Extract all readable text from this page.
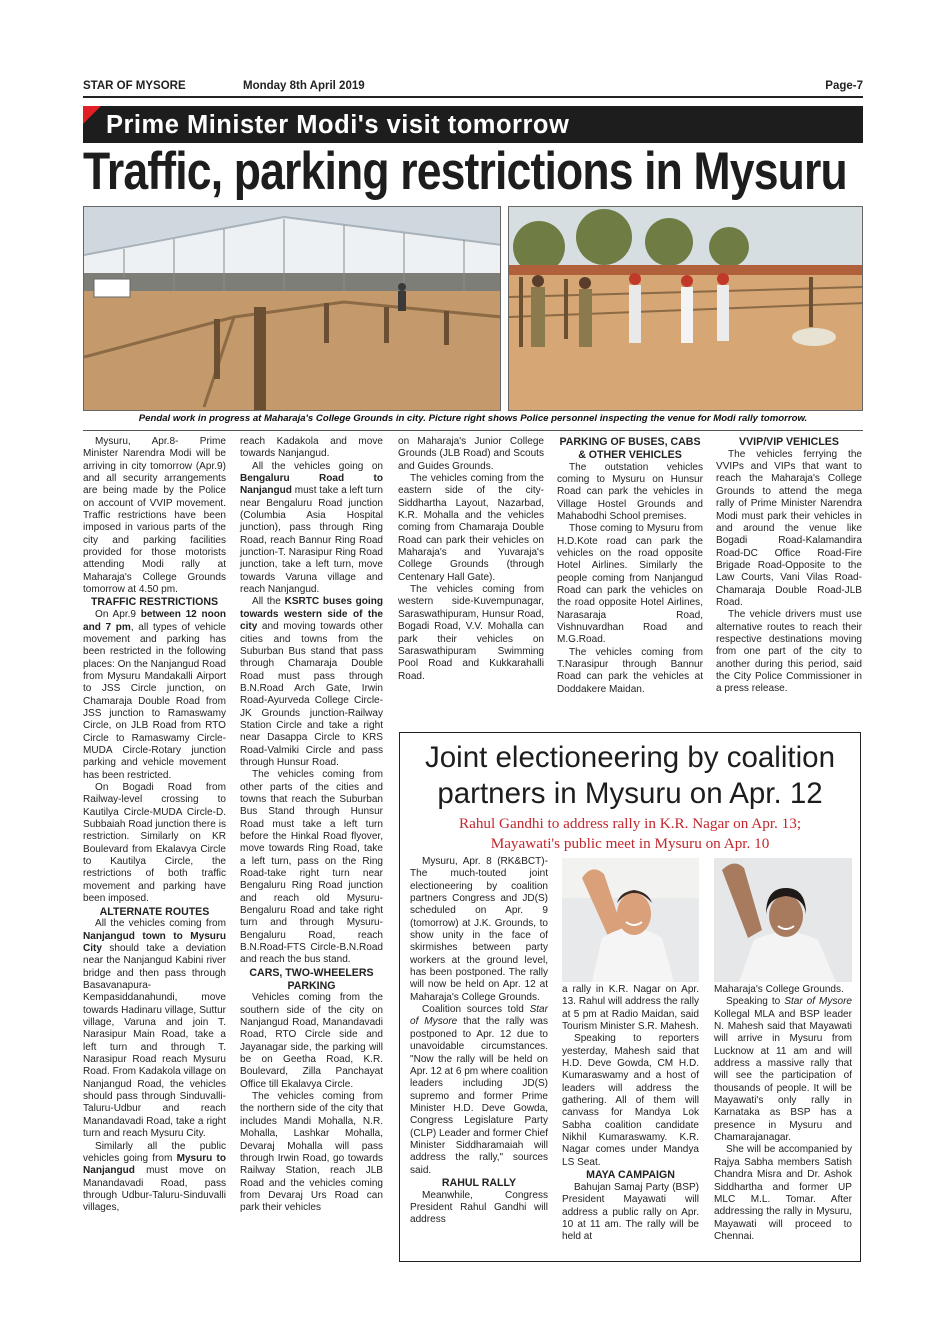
STAR OF MYSORE	Monday 8th April 2019	Page-7
Prime Minister Modi's visit tomorrow
Traffic, parking restrictions in Mysuru
Pendal work in progress at Maharaja's College Grounds in city. Picture right shows Police personnel inspecting the venue for Modi rally tomorrow.

Mysuru, Apr.8- Prime Minister Narendra Modi will be arriving in city tomorrow (Apr.9) and all security arrangements are being made by the Police on account of VVIP movement. Traffic restrictions have been imposed in various parts of the city and parking facilities provided for those motorists attending Modi rally at Maharaja's College Grounds tomorrow at 4.50 pm.

TRAFFIC RESTRICTIONS

On Apr.9 between 12 noon and 7 pm, all types of vehicle movement and parking has been restricted in the following places: On the Nanjangud Road from Mysuru Mandakalli Airport to JSS Circle junction, on Chamaraja Double Road from JSS junction to Ramaswamy Circle, on JLB Road from RTO Circle to Ramaswamy Circle-MUDA Circle-Rotary junction parking and vehicle movement has been restricted.

On Bogadi Road from Railway-level crossing to Kautilya Circle-MUDA Circle-D. Subbaiah Road junction there is restriction. Similarly on KR Boulevard from Ekalavya Circle to Kautilya Circle, the restrictions of both traffic movement and parking have been imposed.

ALTERNATE ROUTES

All the vehicles coming from Nanjangud town to Mysuru City should take a deviation near the Nanjangud Kabini river bridge and then pass through Basavanapura-Kempasiddanahundi, move towards Hadinaru village, Suttur village, Varuna and join T. Narasipur Main Road, take a left turn and through T. Narasipur Road reach Mysuru Road. From Kadakola village on Nanjangud Road, the vehicles should pass through Sinduvalli-Taluru-Udbur and reach Manandavadi Road, take a right turn and reach Mysuru City.

Similarly all the public vehicles going from Mysuru to Nanjangud must move on Manandavadi Road, pass through Udbur-Taluru-Sinduvalli villages,

reach Kadakola and move towards Nanjangud.

All the vehicles going on Bengaluru Road to Nanjangud must take a left turn near Bengaluru Road junction (Columbia Asia Hospital junction), pass through Ring Road, reach Bannur Ring Road junction-T. Narasipur Ring Road junction, take a left turn, move towards Varuna village and reach Nanjangud.

All the KSRTC buses going towards western side of the city and moving towards other cities and towns from the Suburban Bus stand that pass through Chamaraja Double Road must pass through B.N.Road Arch Gate, Irwin Road-Ayurveda College Circle-JK Grounds junction-Railway Station Circle and take a right near Dasappa Circle to KRS Road-Valmiki Circle and pass through Hunsur Road.

The vehicles coming from other parts of the cities and towns that reach the Suburban Bus Stand through Hunsur Road must take a left turn before the Hinkal Road flyover, move towards Ring Road, take a left turn, pass on the Ring Road-take right turn near Bengaluru Ring Road junction and reach old Mysuru-Bengaluru Road and take right turn and through Mysuru-Bengaluru Road, reach B.N.Road-FTS Circle-B.N.Road and reach the bus stand.

CARS, TWO-WHEELERS PARKING

Vehicles coming from the southern side of the city on Nanjangud Road, Manandavadi Road, RTO Circle side and Jayanagar side, the parking will be on Geetha Road, K.R. Boulevard, Zilla Panchayat Office till Ekalavya Circle.

The vehicles coming from the northern side of the city that includes Mandi Mohalla, N.R. Mohalla, Lashkar Mohalla, Devaraj Mohalla will pass through Irwin Road, go towards Railway Station, reach JLB Road and the vehicles coming from Devaraj Urs Road can park their vehicles

on Maharaja's Junior College Grounds (JLB Road) and Scouts and Guides Grounds.

The vehicles coming from the eastern side of the city-Siddhartha Layout, Nazarbad, K.R. Mohalla and the vehicles coming from Chamaraja Double Road can park their vehicles on Maharaja's and Yuvaraja's College Grounds (through Centenary Hall Gate).

The vehicles coming from western side-Kuvempunagar, Saraswathipuram, Hunsur Road, Bogadi Road, V.V. Mohalla can park their vehicles on Saraswathipuram Swimming Pool Road and Kukkarahalli Road.

PARKING OF BUSES, CABS & OTHER VEHICLES

The outstation vehicles coming to Mysuru on Hunsur Road can park the vehicles in Village Hostel Grounds and Mahabodhi School premises.

Those coming to Mysuru from H.D.Kote road can park the vehicles on the road opposite Hotel Airlines. Similarly the people coming from Nanjangud Road can park the vehicles on the road opposite Hotel Airlines, Narasaraja Road, Vishnuvardhan Road and M.G.Road.

The vehicles coming from T.Narasipur through Bannur Road can park the vehicles at Doddakere Maidan.

VVIP/VIP VEHICLES

The vehicles ferrying the VVIPs and VIPs that want to reach the Maharaja's College Grounds to attend the mega rally of Prime Minister Narendra Modi must park their vehicles in and around the venue like Bogadi Road-Kalamandira Road-DC Office Road-Fire Brigade Road-Opposite to the Law Courts, Vani Vilas Road-Chamaraja Double Road-JLB Road.

The vehicle drivers must use alternative routes to reach their respective destinations moving from one part of the city to another during this period, said the City Police Commissioner in a press release.

Joint electioneering by coalition
partners in Mysuru on Apr. 12
Rahul Gandhi to address rally in K.R. Nagar on Apr. 13;
Mayawati's public meet in Mysuru on Apr. 10

Mysuru, Apr. 8 (RK&BCT)- The much-touted joint electioneering by coalition partners Congress and JD(S) scheduled on Apr. 9 (tomorrow) at J.K. Grounds, to show unity in the face of skirmishes between party workers at the ground level, has been postponed. The rally will now be held on Apr. 12 at Maharaja's College Grounds.

Coalition sources told Star of Mysore that the rally was postponed to Apr. 12 due to unavoidable circumstances. "Now the rally will be held on Apr. 12 at 6 pm where coalition leaders including JD(S) supremo and former Prime Minister H.D. Deve Gowda, Congress Legislature Party (CLP) Leader and former Chief Minister Siddharamaiah will address the rally," sources said.

RAHUL RALLY

Meanwhile, Congress President Rahul Gandhi will address

a rally in K.R. Nagar on Apr. 13. Rahul will address the rally at 5 pm at Radio Maidan, said Tourism Minister S.R. Mahesh.

Speaking to reporters yesterday, Mahesh said that H.D. Deve Gowda, CM H.D. Kumaraswamy and a host of leaders will address the gathering. All of them will canvass for Mandya Lok Sabha coalition candidate Nikhil Kumaraswamy. K.R. Nagar comes under Mandya LS Seat.

MAYA CAMPAIGN

Bahujan Samaj Party (BSP) President Mayawati will address a public rally on Apr. 10 at 11 am. The rally will be held at

Maharaja's College Grounds.

Speaking to Star of Mysore Kollegal MLA and BSP leader N. Mahesh said that Mayawati will arrive in Mysuru from Lucknow at 11 am and will address a massive rally that will see the participation of thousands of people. It will be Mayawati's only rally in Karnataka as BSP has a presence in Mysuru and Chamarajanagar.

She will be accompanied by Rajya Sabha members Satish Chandra Misra and Dr. Ashok Siddhartha and former UP MLC M.L. Tomar. After addressing the rally in Mysuru, Mayawati will proceed to Chennai.
